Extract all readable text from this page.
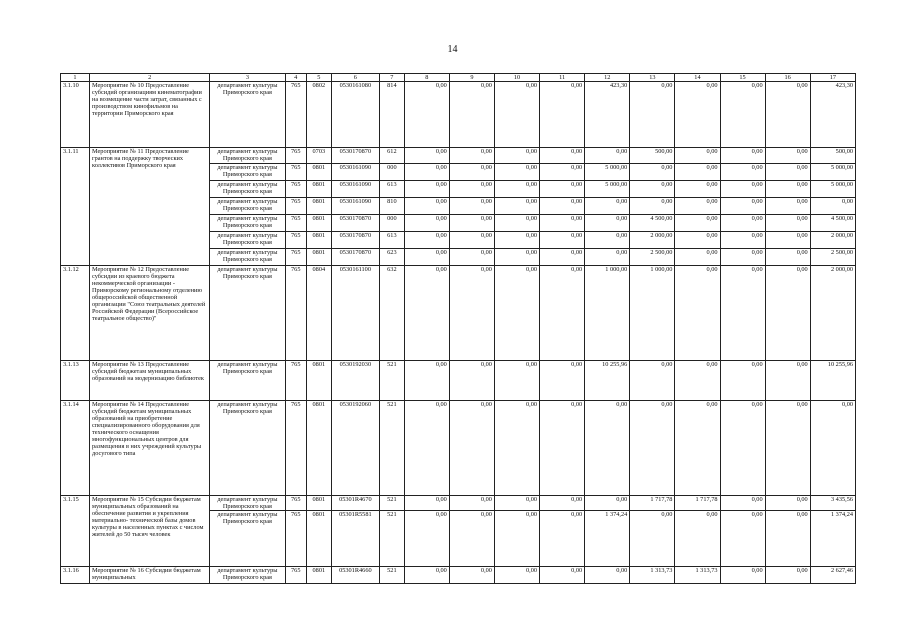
14
1	2	3	4	5	6	7	8	9	10	11	12	13	14	15	16	17
3.1.10	Мероприятие № 10 Предоставление субсидий организациям кинематографии на возмещение части затрат, связанных с производством кинофильмов на территории Приморского края	департамент культуры Приморского края	765	0802	0530161080	814	0,00	0,00	0,00	0,00	423,30	0,00	0,00	0,00	0,00	423,30
3.1.11	Мероприятие № 11 Предоставление грантов на поддержку творческих коллективов Приморского края	департамент культуры Приморского края	765	0703	0530170870	612	0,00	0,00	0,00	0,00	0,00	500,00	0,00	0,00	0,00	500,00
		департамент культуры Приморского края	765	0801	0530161090	000	0,00	0,00	0,00	0,00	5 000,00	0,00	0,00	0,00	0,00	5 000,00
		департамент культуры Приморского края	765	0801	0530161090	613	0,00	0,00	0,00	0,00	5 000,00	0,00	0,00	0,00	0,00	5 000,00
		департамент культуры Приморского края	765	0801	0530161090	810	0,00	0,00	0,00	0,00	0,00	0,00	0,00	0,00	0,00	0,00
		департамент культуры Приморского края	765	0801	0530170870	000	0,00	0,00	0,00	0,00	0,00	4 500,00	0,00	0,00	0,00	4 500,00
		департамент культуры Приморского края	765	0801	0530170870	613	0,00	0,00	0,00	0,00	0,00	2 000,00	0,00	0,00	0,00	2 000,00
		департамент культуры Приморского края	765	0801	0530170870	623	0,00	0,00	0,00	0,00	0,00	2 500,00	0,00	0,00	0,00	2 500,00
3.1.12	Мероприятие № 12 Предоставление субсидии из краевого бюджета некоммерческой организации - Приморскому региональному отделению общероссийской общественной организации "Союз театральных деятелей Российской Федерации (Всероссийское театральное общество)"	департамент культуры Приморского края	765	0804	0530161100	632	0,00	0,00	0,00	0,00	1 000,00	1 000,00	0,00	0,00	0,00	2 000,00
3.1.13	Мероприятие № 13 Предоставление субсидий бюджетам муниципальных образований на модернизацию библиотек	департамент культуры Приморского края	765	0801	0530192030	521	0,00	0,00	0,00	0,00	10 255,96	0,00	0,00	0,00	0,00	10 255,96
3.1.14	Мероприятие № 14 Предоставление субсидий бюджетам муниципальных образований на приобретение специализированного оборудования для технического оснащения многофункциональных центров для размещения в них учреждений культуры досугового типа	департамент культуры Приморского края	765	0801	0530192060	521	0,00	0,00	0,00	0,00	0,00	0,00	0,00	0,00	0,00	0,00
3.1.15	Мероприятие № 15 Субсидии бюджетам муниципальных образований на обеспечение развития и укрепления материально- технической базы домов культуры в населенных пунктах с числом жителей до 50 тысяч человек	департамент культуры Приморского края	765	0801	05301R4670	521	0,00	0,00	0,00	0,00	0,00	1 717,78	1 717,78	0,00	0,00	3 435,56
		департамент культуры Приморского края	765	0801	05301R5581	521	0,00	0,00	0,00	0,00	1 374,24	0,00	0,00	0,00	0,00	1 374,24
3.1.16	Мероприятие № 16 Субсидии бюджетам муниципальных	департамент культуры Приморского края	765	0801	05301R4660	521	0,00	0,00	0,00	0,00	0,00	1 313,73	1 313,73	0,00	0,00	2 627,46
